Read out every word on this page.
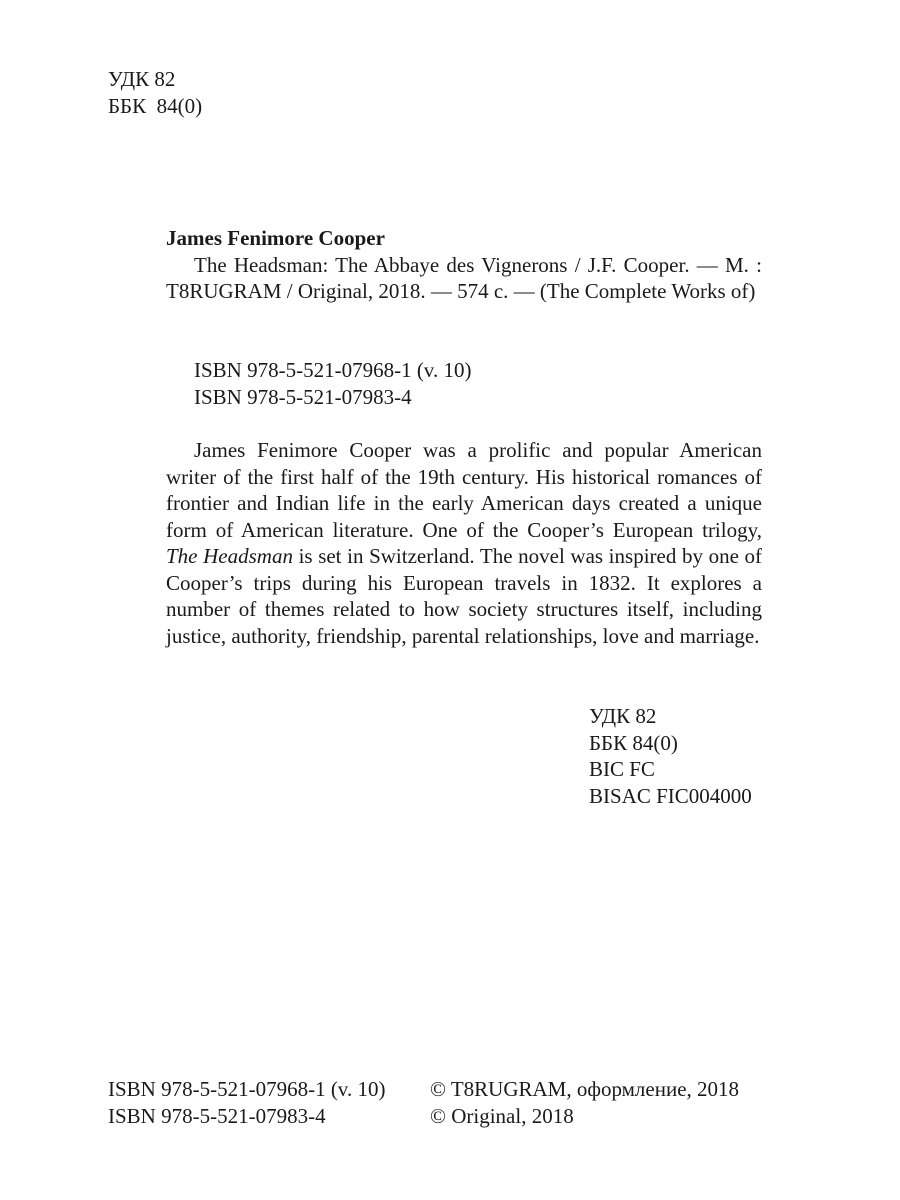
УДК 82
ББК  84(0)
James Fenimore Cooper
The Headsman: The Abbaye des Vignerons / J.F. Cooper. — M. : T8RUGRAM / Original, 2018. — 574 c. — (The Complete Works of)
ISBN 978-5-521-07968-1 (v. 10)
ISBN 978-5-521-07983-4
James Fenimore Cooper was a prolific and popular American writer of the first half of the 19th century. His historical romances of frontier and Indian life in the early American days created a unique form of American literature. One of the Cooper’s European trilogy, The Headsman is set in Switzerland. The novel was inspired by one of Cooper’s trips during his European travels in 1832. It explores a number of themes related to how society structures itself, including justice, authority, friendship, parental relationships, love and marriage.
УДК 82
ББК 84(0)
BIC FC
BISAC FIC004000
ISBN 978-5-521-07968-1 (v. 10)
ISBN 978-5-521-07983-4
© T8RUGRAM, оформление, 2018
© Original, 2018
